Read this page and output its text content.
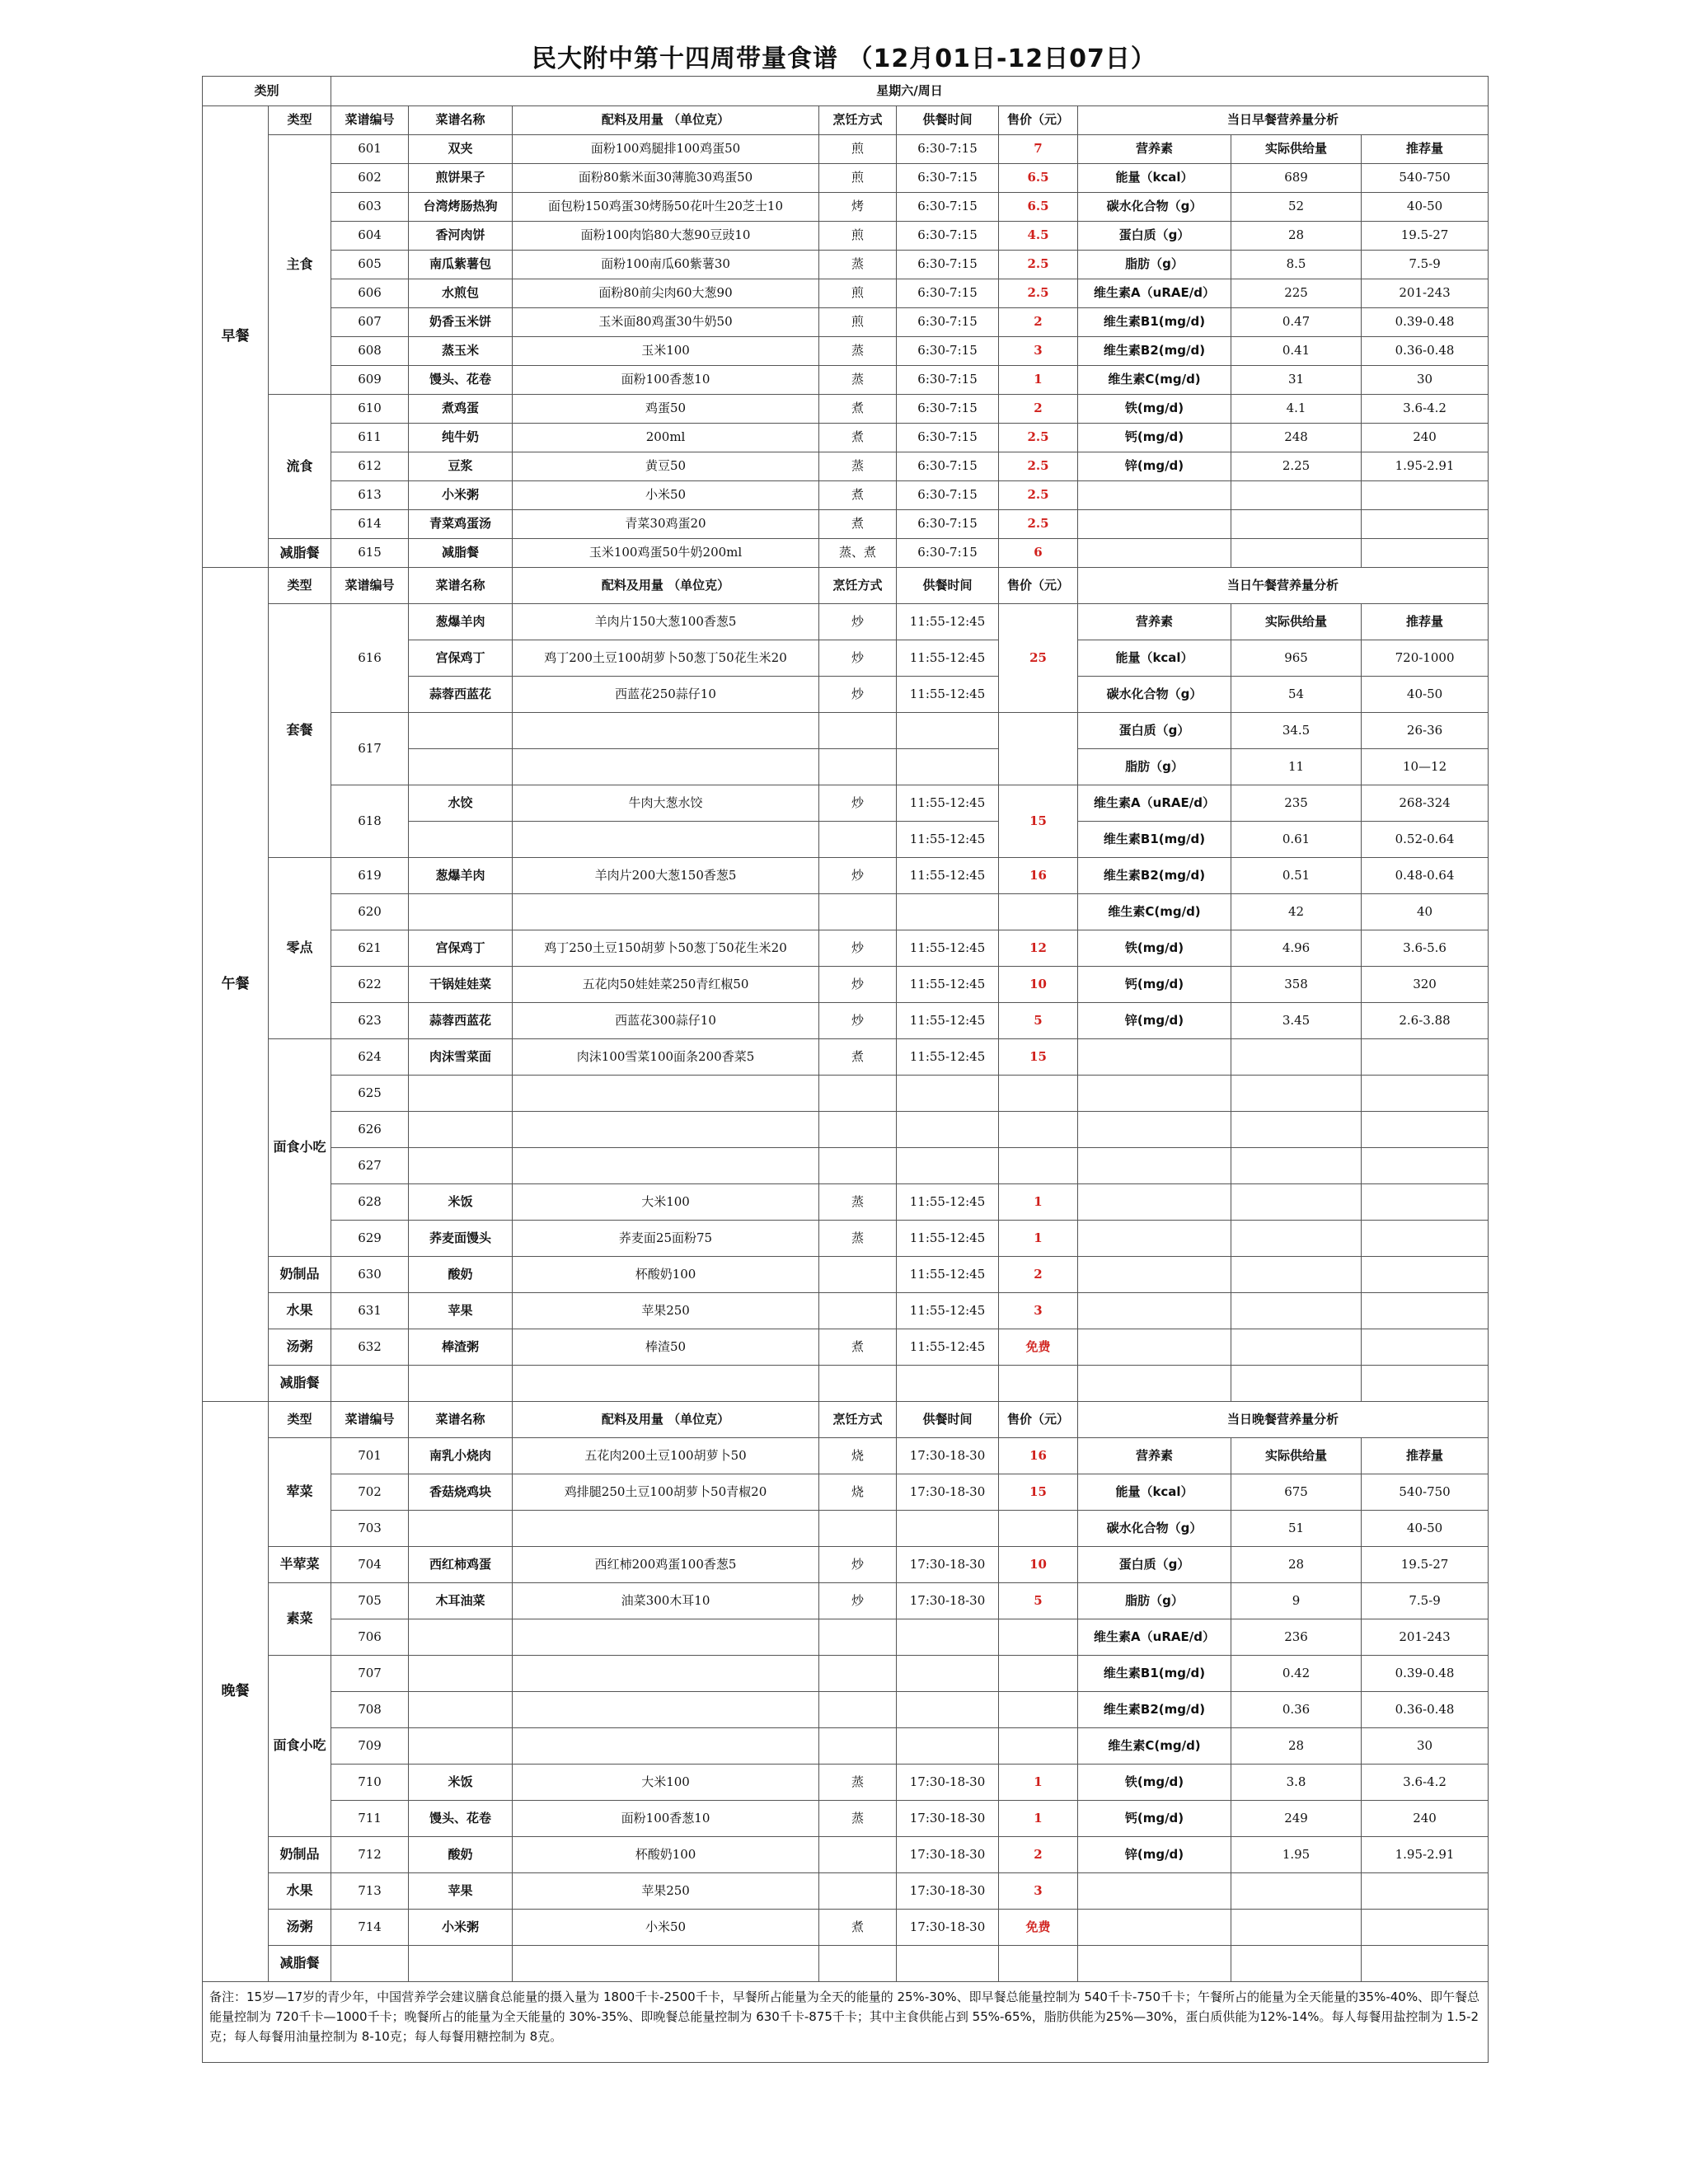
民大附中第十四周带量食谱 （12月01日-12日07日）
类别		星期六/周日								
早餐	类型	菜谱编号	菜谱名称	配料及用量 （单位克）	烹饪方式	供餐时间	售价（元）	当日早餐营养量分析		
	主食	601	双夹	面粉100鸡腿排100鸡蛋50	煎	6:30-7:15	7	营养素	实际供给量	推荐量
		602	煎饼果子	面粉80紫米面30薄脆30鸡蛋50	煎	6:30-7:15	6.5	能量（kcal）	689	540-750
		603	台湾烤肠热狗	面包粉150鸡蛋30烤肠50花叶生20芝士10	烤	6:30-7:15	6.5	碳水化合物（g）	52	40-50
		604	香河肉饼	面粉100肉馅80大葱90豆豉10	煎	6:30-7:15	4.5	蛋白质（g）	28	19.5-27
		605	南瓜紫薯包	面粉100南瓜60紫薯30	蒸	6:30-7:15	2.5	脂肪（g）	8.5	7.5-9
		606	水煎包	面粉80前尖肉60大葱90	煎	6:30-7:15	2.5	维生素A（uRAE/d）	225	201-243
		607	奶香玉米饼	玉米面80鸡蛋30牛奶50	煎	6:30-7:15	2	维生素B1(mg/d)	0.47	0.39-0.48
		608	蒸玉米	玉米100	蒸	6:30-7:15	3	维生素B2(mg/d)	0.41	0.36-0.48
		609	馒头、花卷	面粉100香葱10	蒸	6:30-7:15	1	维生素C(mg/d)	31	30
	流食	610	煮鸡蛋	鸡蛋50	煮	6:30-7:15	2	铁(mg/d)	4.1	3.6-4.2
		611	纯牛奶	200ml	煮	6:30-7:15	2.5	钙(mg/d)	248	240
		612	豆浆	黄豆50	蒸	6:30-7:15	2.5	锌(mg/d)	2.25	1.95-2.91
		613	小米粥	小米50	煮	6:30-7:15	2.5			
		614	青菜鸡蛋汤	青菜30鸡蛋20	煮	6:30-7:15	2.5			
	减脂餐	615	减脂餐	玉米100鸡蛋50牛奶200ml	蒸、煮	6:30-7:15	6			
午餐	类型	菜谱编号	菜谱名称	配料及用量 （单位克）	烹饪方式	供餐时间	售价（元）	当日午餐营养量分析		
	套餐	616	葱爆羊肉	羊肉片150大葱100香葱5	炒	11:55-12:45	25	营养素	实际供给量	推荐量
			宫保鸡丁	鸡丁200土豆100胡萝卜50葱丁50花生米20	炒	11:55-12:45		能量（kcal）	965	720-1000
			蒜蓉西蓝花	西蓝花250蒜仔10	炒	11:55-12:45		碳水化合物（g）	54	40-50
		617						蛋白质（g）	34.5	26-36
								脂肪（g）	11	10—12
		618	水饺	牛肉大葱水饺	炒	11:55-12:45	15	维生素A（uRAE/d）	235	268-324
						11:55-12:45		维生素B1(mg/d)	0.61	0.52-0.64
	零点	619	葱爆羊肉	羊肉片200大葱150香葱5	炒	11:55-12:45	16	维生素B2(mg/d)	0.51	0.48-0.64
		620						维生素C(mg/d)	42	40
		621	宫保鸡丁	鸡丁250土豆150胡萝卜50葱丁50花生米20	炒	11:55-12:45	12	铁(mg/d)	4.96	3.6-5.6
		622	干锅娃娃菜	五花肉50娃娃菜250青红椒50	炒	11:55-12:45	10	钙(mg/d)	358	320
		623	蒜蓉西蓝花	西蓝花300蒜仔10	炒	11:55-12:45	5	锌(mg/d)	3.45	2.6-3.88
	面食小吃	624	肉沫雪菜面	肉沫100雪菜100面条200香菜5	煮	11:55-12:45	15			
		625								
		626								
		627								
		628	米饭	大米100	蒸	11:55-12:45	1			
		629	荞麦面馒头	荞麦面25面粉75	蒸	11:55-12:45	1			
	奶制品	630	酸奶	杯酸奶100		11:55-12:45	2			
	水果	631	苹果	苹果250		11:55-12:45	3			
	汤粥	632	棒渣粥	棒渣50	煮	11:55-12:45	免费			
	减脂餐									
晚餐	类型	菜谱编号	菜谱名称	配料及用量 （单位克）	烹饪方式	供餐时间	售价（元）	当日晚餐营养量分析		
	荤菜	701	南乳小烧肉	五花肉200土豆100胡萝卜50	烧	17:30-18-30	16	营养素	实际供给量	推荐量
		702	香菇烧鸡块	鸡排腿250土豆100胡萝卜50青椒20	烧	17:30-18-30	15	能量（kcal）	675	540-750
		703						碳水化合物（g）	51	40-50
	半荤菜	704	西红柿鸡蛋	西红柿200鸡蛋100香葱5	炒	17:30-18-30	10	蛋白质（g）	28	19.5-27
	素菜	705	木耳油菜	油菜300木耳10	炒	17:30-18-30	5	脂肪（g）	9	7.5-9
		706						维生素A（uRAE/d）	236	201-243
	面食小吃	707						维生素B1(mg/d)	0.42	0.39-0.48
		708						维生素B2(mg/d)	0.36	0.36-0.48
		709						维生素C(mg/d)	28	30
		710	米饭	大米100	蒸	17:30-18-30	1	铁(mg/d)	3.8	3.6-4.2
		711	馒头、花卷	面粉100香葱10	蒸	17:30-18-30	1	钙(mg/d)	249	240
	奶制品	712	酸奶	杯酸奶100		17:30-18-30	2	锌(mg/d)	1.95	1.95-2.91
	水果	713	苹果	苹果250		17:30-18-30	3			
	汤粥	714	小米粥	小米50	煮	17:30-18-30	免费			
	减脂餐									
备注：15岁—17岁的青少年，中国营养学会建议膳食总能量的摄入量为 1800千卡-2500千卡，早餐所占能量为全天的能量的 25%-30%、即早餐总能量控制为 540千卡-750千卡；午餐所占的能量为全天能量的35%-40%、即午餐总能量控制为 720千卡—1000千卡；晚餐所占的能量为全天能量的 30%-35%、即晚餐总能量控制为 630千卡-875千卡；其中主食供能占到 55%-65%，脂肪供能为25%—30%，蛋白质供能为12%-14%。每人每餐用盐控制为 1.5-2克；每人每餐用油量控制为 8-10克；每人每餐用糖控制为 8克。										
